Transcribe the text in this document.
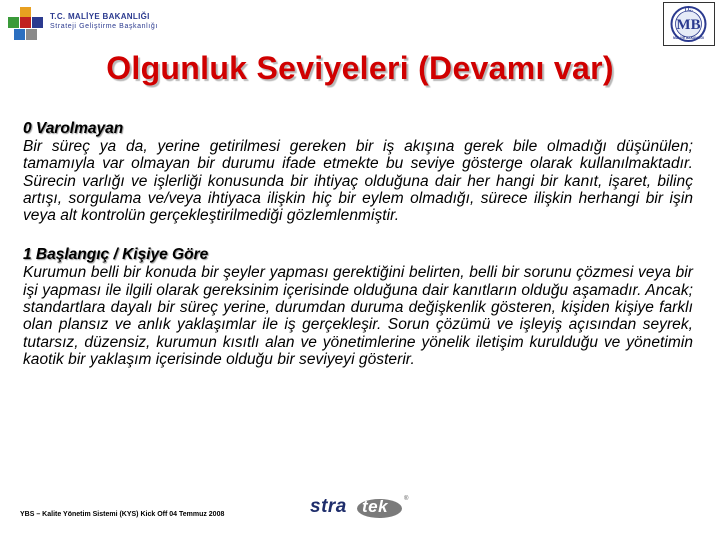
T.C. MALİYE BAKANLIĞI
Strateji Geliştirme Başkanlığı
T.C.
MB
MALİYE BAKANLIĞI
Olgunluk Seviyeleri (Devamı var)

0 Varolmayan

Bir süreç ya da, yerine getirilmesi gereken bir iş akışına gerek bile olmadığı düşünülen; tamamıyla var olmayan bir durumu ifade etmekte bu seviye gösterge olarak kullanılmaktadır. Sürecin varlığı ve işlerliği konusunda bir ihtiyaç olduğuna dair her hangi bir kanıt, işaret, bilinç artışı, sorgulama ve/veya ihtiyaca ilişkin hiç bir eylem olmadığı, sürece ilişkin herhangi bir işin veya alt kontrolün gerçekleştirilmediği gözlemlenmiştir.

1 Başlangıç / Kişiye Göre

Kurumun belli bir konuda bir şeyler yapması gerektiğini belirten, belli bir sorunu çözmesi veya bir işi yapması ile ilgili olarak gereksinim içerisinde olduğuna dair kanıtların olduğu aşamadır. Ancak; standartlara dayalı bir süreç yerine, durumdan duruma değişkenlik gösteren, kişiden kişiye farklı olan plansız ve anlık yaklaşımlar ile iş gerçekleşir. Sorun çözümü ve işleyiş açısından seyrek, tutarsız, düzensiz, kurumun kısıtlı alan ve yönetimlerine yönelik iletişim kurulduğu ve yönetimin kaotik bir yaklaşım içerisinde olduğu bir seviyeyi gösterir.

YBS – Kalite Yönetim Sistemi (KYS) Kick Off 04 Temmuz 2008	stra tek	®
